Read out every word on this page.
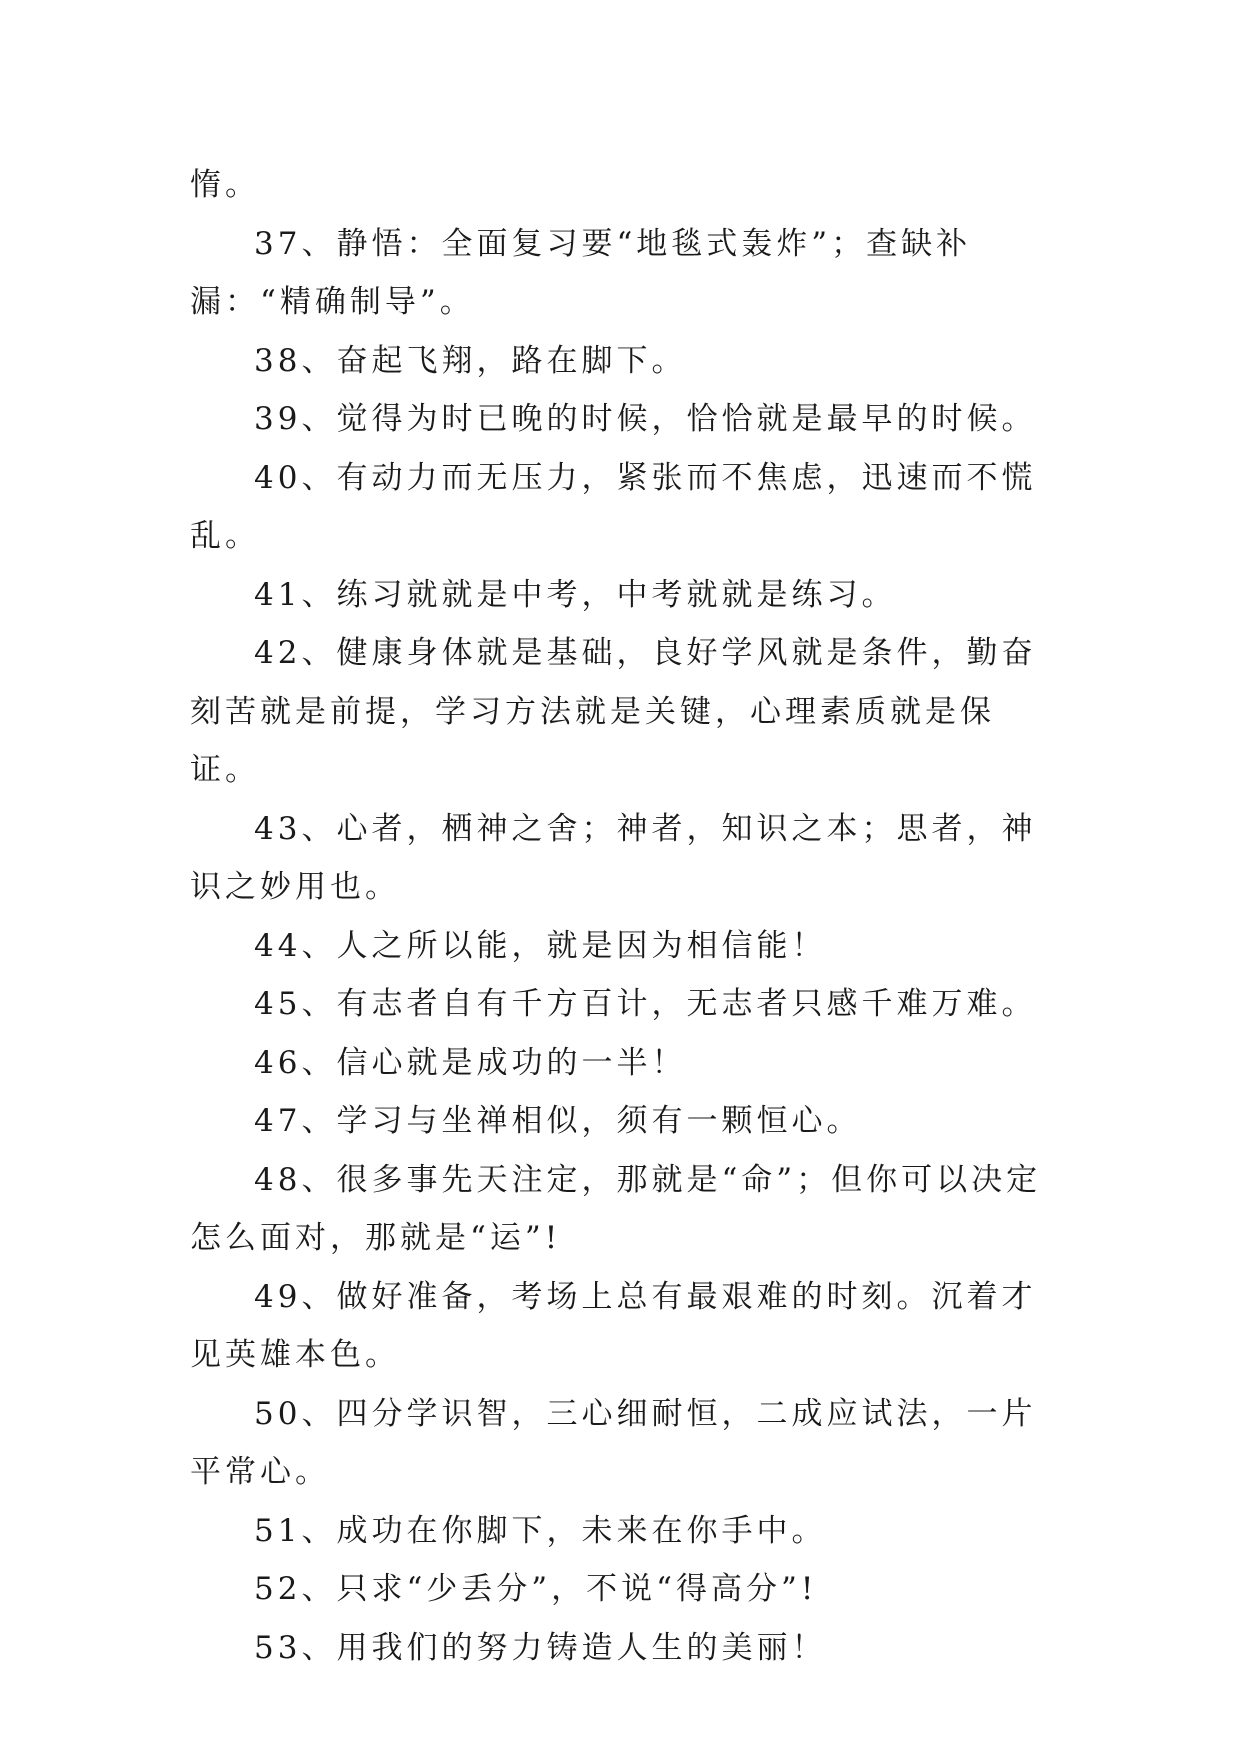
惰。

37、静悟：全面复习要“地毯式轰炸”；查缺补漏：“精确制导”。

38、奋起飞翔，路在脚下。

39、觉得为时已晚的时候，恰恰就是最早的时候。

40、有动力而无压力，紧张而不焦虑，迅速而不慌乱。

41、练习就就是中考，中考就就是练习。

42、健康身体就是基础，良好学风就是条件，勤奋刻苦就是前提，学习方法就是关键，心理素质就是保证。

43、心者，栖神之舍；神者，知识之本；思者，神识之妙用也。

44、人之所以能，就是因为相信能！

45、有志者自有千方百计，无志者只感千难万难。

46、信心就是成功的一半！

47、学习与坐禅相似，须有一颗恒心。

48、很多事先天注定，那就是“命”；但你可以决定怎么面对，那就是“运”!

49、做好准备，考场上总有最艰难的时刻。沉着才见英雄本色。

50、四分学识智，三心细耐恒，二成应试法，一片平常心。

51、成功在你脚下，未来在你手中。

52、只求“少丢分”，不说“得高分”!

53、用我们的努力铸造人生的美丽！
